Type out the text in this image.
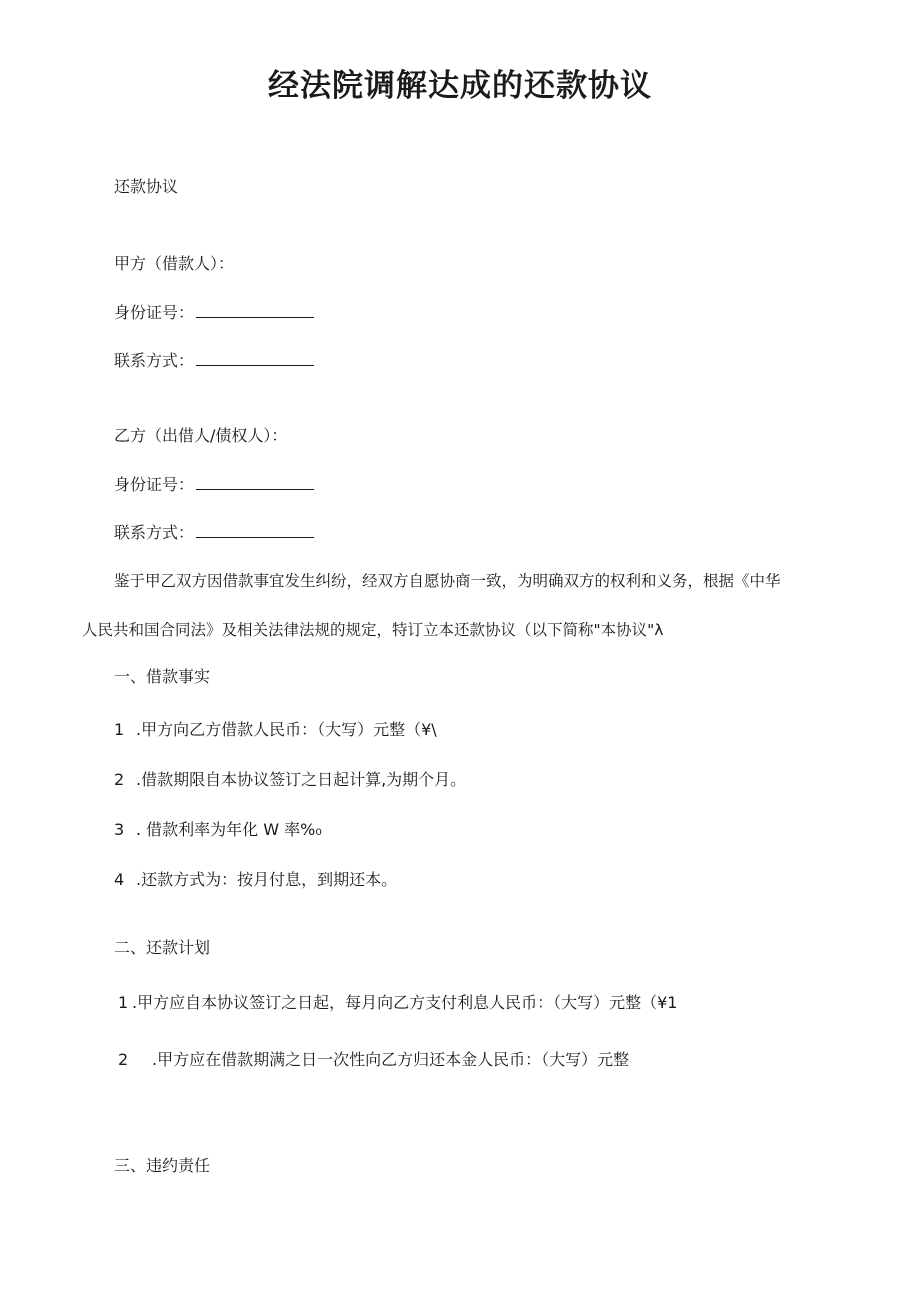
经法院调解达成的还款协议
还款协议
甲方（借款人）：
身份证号：
联系方式：
乙方（出借人/债权人）：
身份证号：
联系方式：
鉴于甲乙双方因借款事宜发生纠纷，经双方自愿协商一致，为明确双方的权利和义务，根据《中华
人民共和国合同法》及相关法律法规的规定，特订立本还款协议（以下简称"本协议"λ
一、借款事实
1 .甲方向乙方借款人民币：（大写）元整（¥\
2 .借款期限自本协议签订之日起计算,为期个月。
3 . 借款利率为年化 W 率%₀
4 .还款方式为：按月付息，到期还本。
二、还款计划
1 .甲方应自本协议签订之日起，每月向乙方支付利息人民币：（大写）元整（¥1
2 .甲方应在借款期满之日一次性向乙方归还本金人民币：（大写）元整
三、违约责任
